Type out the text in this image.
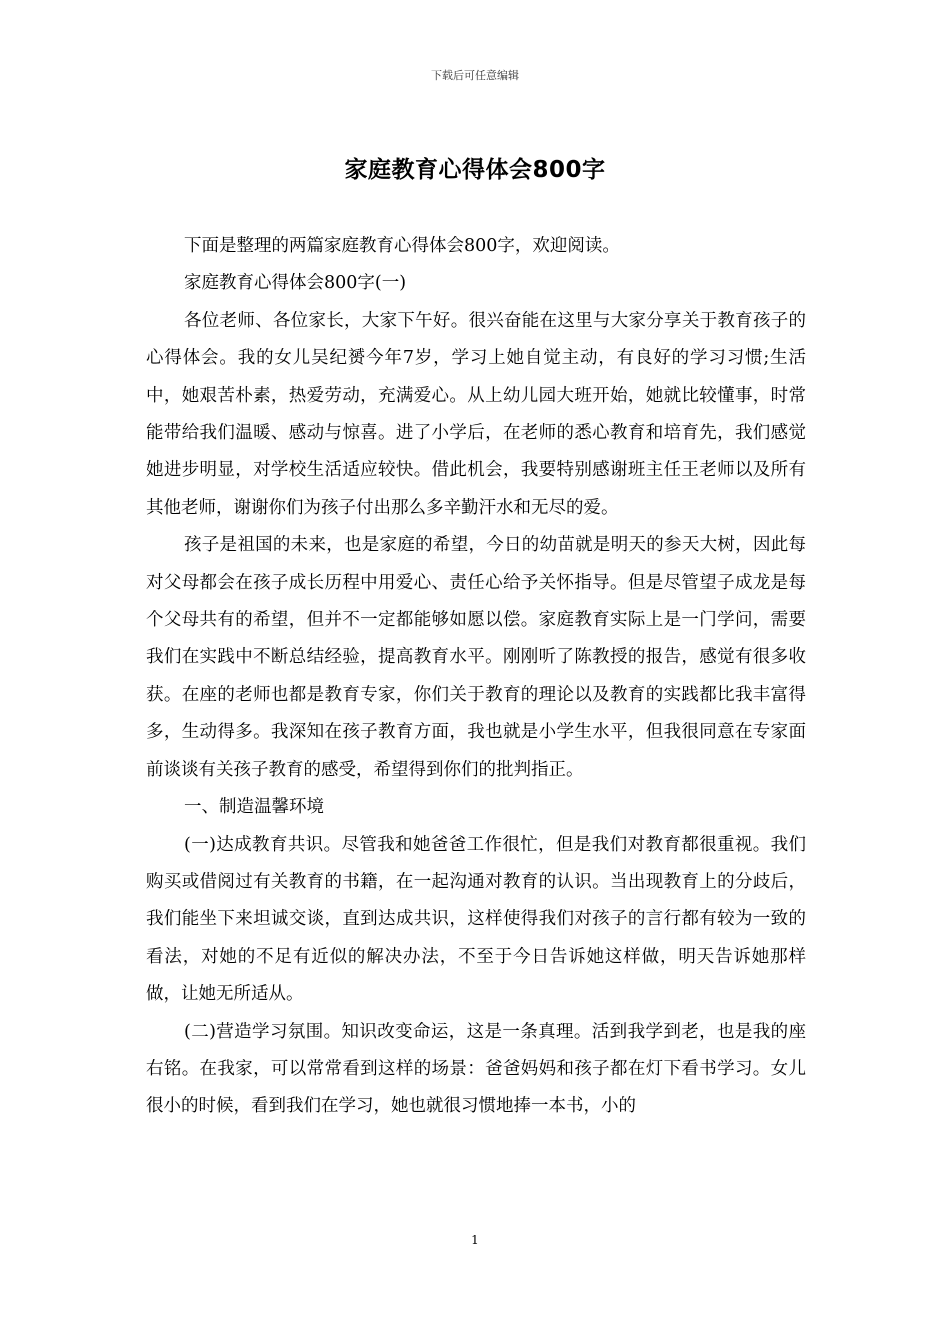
下载后可任意编辑
家庭教育心得体会800字

下面是整理的两篇家庭教育心得体会800字，欢迎阅读。

家庭教育心得体会800字(一)

各位老师、各位家长，大家下午好。很兴奋能在这里与大家分享关于教育孩子的心得体会。我的女儿吴纪赟今年7岁，学习上她自觉主动，有良好的学习习惯;生活中，她艰苦朴素，热爱劳动，充满爱心。从上幼儿园大班开始，她就比较懂事，时常能带给我们温暖、感动与惊喜。进了小学后，在老师的悉心教育和培育先，我们感觉她进步明显，对学校生活适应较快。借此机会，我要特别感谢班主任王老师以及所有其他老师，谢谢你们为孩子付出那么多辛勤汗水和无尽的爱。

孩子是祖国的未来，也是家庭的希望，今日的幼苗就是明天的参天大树，因此每对父母都会在孩子成长历程中用爱心、责任心给予关怀指导。但是尽管望子成龙是每个父母共有的希望，但并不一定都能够如愿以偿。家庭教育实际上是一门学问，需要我们在实践中不断总结经验，提高教育水平。刚刚听了陈教授的报告，感觉有很多收获。在座的老师也都是教育专家，你们关于教育的理论以及教育的实践都比我丰富得多，生动得多。我深知在孩子教育方面，我也就是小学生水平，但我很同意在专家面前谈谈有关孩子教育的感受，希望得到你们的批判指正。

一、制造温馨环境

(一)达成教育共识。尽管我和她爸爸工作很忙，但是我们对教育都很重视。我们购买或借阅过有关教育的书籍，在一起沟通对教育的认识。当出现教育上的分歧后，我们能坐下来坦诚交谈，直到达成共识，这样使得我们对孩子的言行都有较为一致的看法，对她的不足有近似的解决办法，不至于今日告诉她这样做，明天告诉她那样做，让她无所适从。

(二)营造学习氛围。知识改变命运，这是一条真理。活到我学到老，也是我的座右铭。在我家，可以常常看到这样的场景：爸爸妈妈和孩子都在灯下看书学习。女儿很小的时候，看到我们在学习，她也就很习惯地捧一本书，小的

1
